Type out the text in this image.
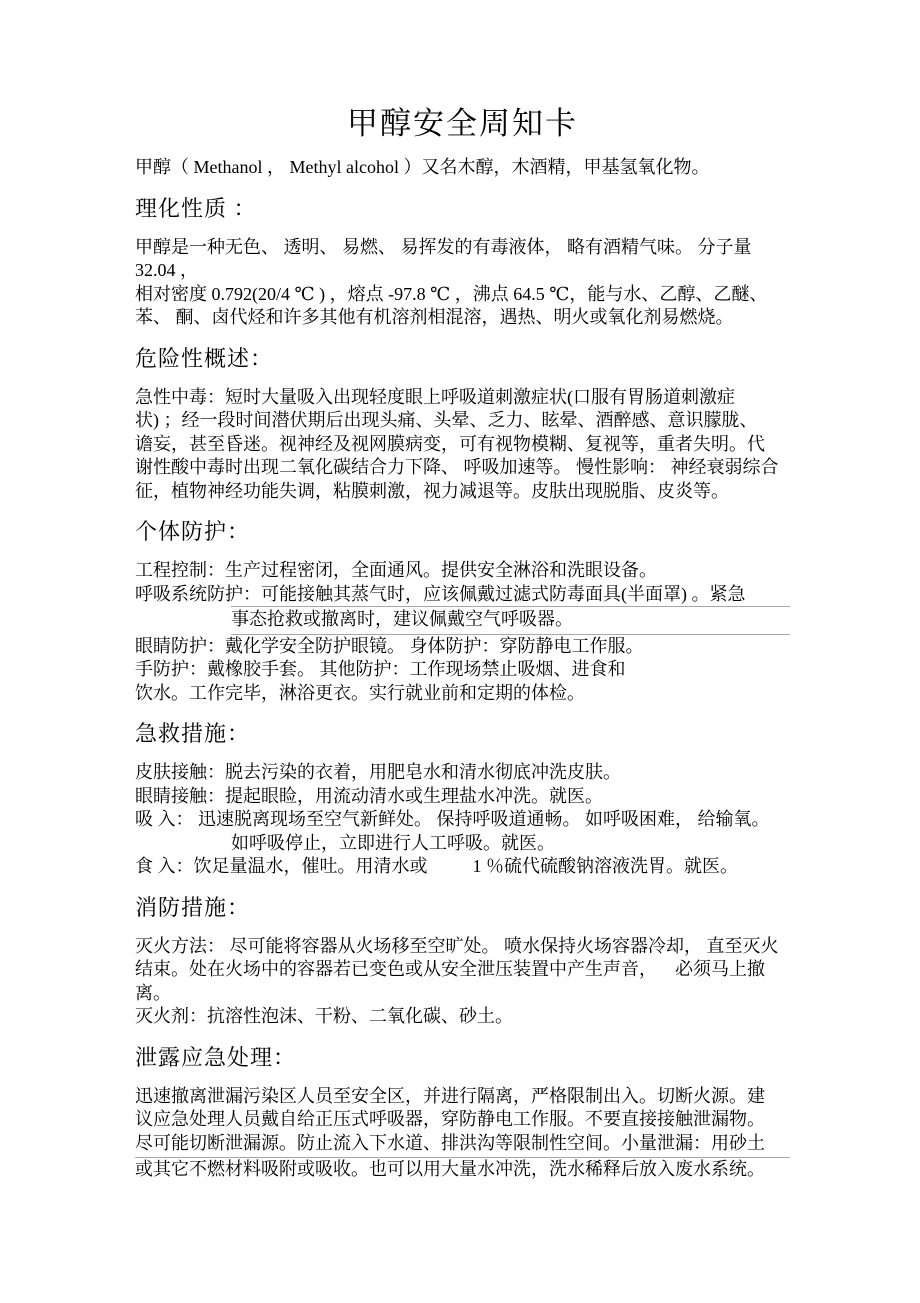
甲醇安全周知卡

甲醇（ Methanol ， Methyl alcohol ）又名木醇，木酒精，甲基氢氧化物。

理化性质 ：
甲醇是一种无色、 透明、 易燃、 易挥发的有毒液体， 略有酒精气味。 分子量
32.04 ，
相对密度 0.792(20/4 ℃ ) ，熔点 -97.8 ℃ ，沸点 64.5 ℃，能与水、乙醇、乙醚、
苯、 酮、卤代烃和许多其他有机溶剂相混溶，遇热、明火或氧化剂易燃烧。
危险性概述：
急性中毒：短时大量吸入出现轻度眼上呼吸道刺激症状(口服有胃肠道刺激症
状) ；经一段时间潜伏期后出现头痛、头晕、乏力、眩晕、酒醉感、意识朦胧、
谵妄，甚至昏迷。视神经及视网膜病变，可有视物模糊、复视等，重者失明。代
谢性酸中毒时出现二氧化碳结合力下降、 呼吸加速等。 慢性影响： 神经衰弱综合
征，植物神经功能失调，粘膜刺激，视力减退等。皮肤出现脱脂、皮炎等。
个体防护：
工程控制：生产过程密闭，全面通风。提供安全淋浴和洗眼设备。
呼吸系统防护：可能接触其蒸气时，应该佩戴过滤式防毒面具(半面罩) 。紧急
事态抢救或撤离时，建议佩戴空气呼吸器。
眼睛防护：戴化学安全防护眼镜。 身体防护：穿防静电工作服。
手防护：戴橡胶手套。 其他防护：工作现场禁止吸烟、进食和
饮水。工作完毕，淋浴更衣。实行就业前和定期的体检。
急救措施：
皮肤接触：脱去污染的衣着，用肥皂水和清水彻底冲洗皮肤。
眼睛接触：提起眼睑，用流动清水或生理盐水冲洗。就医。
吸 入： 迅速脱离现场至空气新鲜处。 保持呼吸道通畅。 如呼吸困难， 给输氧。
如呼吸停止，立即进行人工呼吸。就医。
食 入：饮足量温水，催吐。用清水或          1 ％硫代硫酸钠溶液洗胃。就医。
消防措施：
灭火方法： 尽可能将容器从火场移至空旷处。 喷水保持火场容器冷却， 直至灭火
结束。处在火场中的容器若已变色或从安全泄压装置中产生声音，    必须马上撤离。
灭火剂：抗溶性泡沫、干粉、二氧化碳、砂土。
泄露应急处理：
迅速撤离泄漏污染区人员至安全区，并进行隔离，严格限制出入。切断火源。建
议应急处理人员戴自给正压式呼吸器，穿防静电工作服。不要直接接触泄漏物。
尽可能切断泄漏源。防止流入下水道、排洪沟等限制性空间。小量泄漏：用砂土
或其它不燃材料吸附或吸收。也可以用大量水冲洗，洗水稀释后放入废水系统。
